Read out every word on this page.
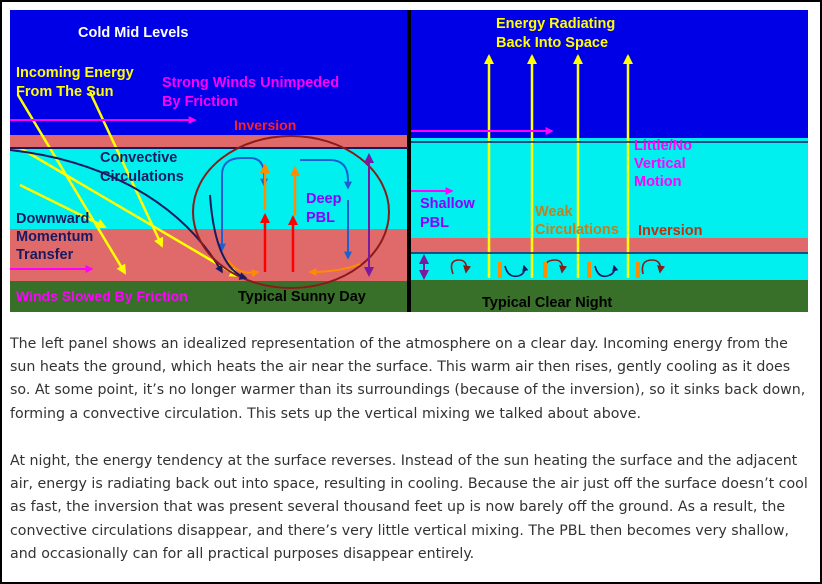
Cold Mid Levels
Incoming Energy
From The Sun
Strong Winds Unimpeded
By Friction
Inversion
Convective
Circulations
Deep
PBL
Downward
Momentum
Transfer
Winds Slowed By Friction	Typical Sunny Day
Energy Radiating
Back Into Space
Little/No
Vertical
Motion
Shallow
PBL
Weak
Circulations Inversion
Typical Clear Night

The left panel shows an idealized representation of the atmosphere on a clear day. Incoming energy from the sun heats the ground, which heats the air near the surface. This warm air then rises, gently cooling as it does so. At some point, it’s no longer warmer than its surroundings (because of the inversion), so it sinks back down, forming a convective circulation. This sets up the vertical mixing we talked about above.

At night, the energy tendency at the surface reverses. Instead of the sun heating the surface and the adjacent air, energy is radiating back out into space, resulting in cooling. Because the air just off the surface doesn’t cool as fast, the inversion that was present several thousand feet up is now barely off the ground. As a result, the convective circulations disappear, and there’s very little vertical mixing. The PBL then becomes very shallow, and occasionally can for all practical purposes disappear entirely.
